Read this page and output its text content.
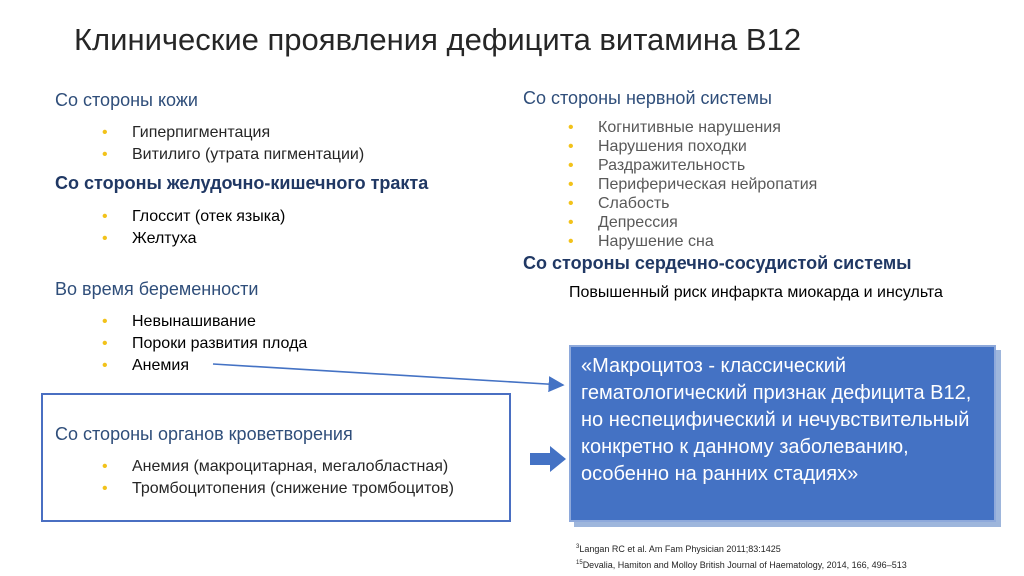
Клинические проявления дефицита витамина В12
Со стороны кожи
• Гиперпигментация
• Витилиго (утрата пигментации)
Со стороны желудочно-кишечного тракта
• Глоссит (отек языка)
• Желтуха
Во время беременности
• Невынашивание
• Пороки развития плода
• Анемия
Со стороны органов кроветворения
• Анемия (макроцитарная, мегалобластная)
• Тромбоцитопения (снижение тромбоцитов)
Со стороны нервной системы
• Когнитивные нарушения
• Нарушения походки
• Раздражительность
• Периферическая нейропатия
• Слабость
• Депрессия
• Нарушение сна
Со стороны сердечно-сосудистой системы
Повышенный риск инфаркта миокарда и инсульта
«Макроцитоз - классический гематологический признак дефицита В12, но неспецифический и нечувствительный конкретно к данному заболеванию, особенно на ранних стадиях»
$^3$Langan RC et al. Am Fam Physician 2011;83:1425
$^{15}$Devalia, Hamiton and Molloy British Journal of Haematology, 2014, 166, 496–513
